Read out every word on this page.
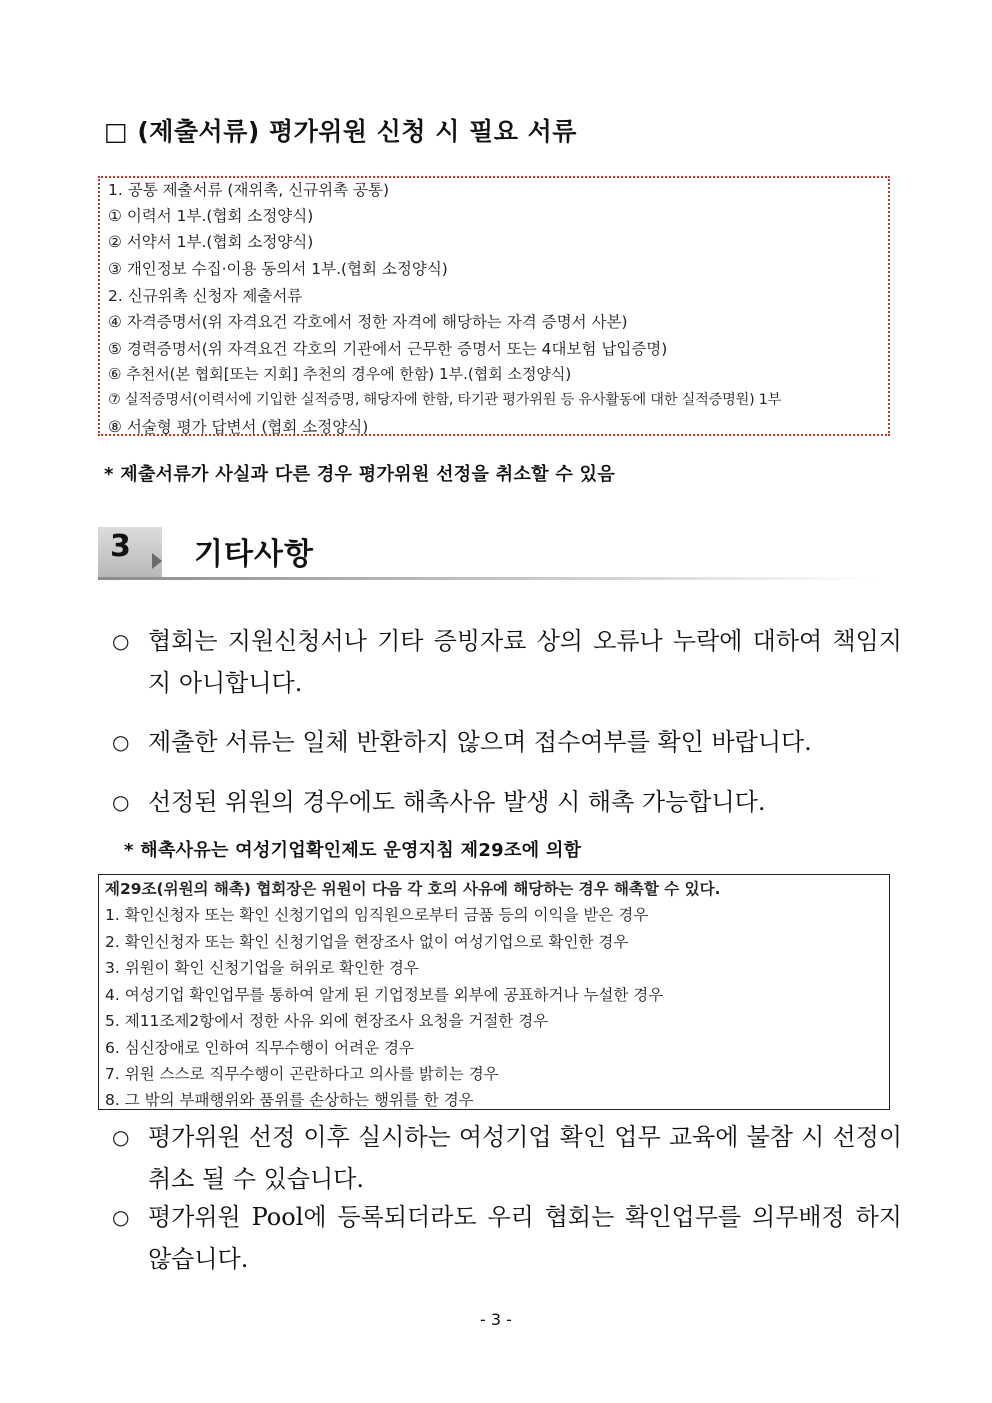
□ (제출서류) 평가위원 신청 시 필요 서류
1. 공통 제출서류 (재위촉, 신규위촉 공통)
① 이력서 1부.(협회 소정양식)
② 서약서 1부.(협회 소정양식)
③ 개인정보 수집·이용 동의서 1부.(협회 소정양식)
2. 신규위촉 신청자 제출서류
④ 자격증명서(위 자격요건 각호에서 정한 자격에 해당하는 자격 증명서 사본)
⑤ 경력증명서(위 자격요건 각호의 기관에서 근무한 증명서 또는 4대보험 납입증명)
⑥ 추천서(본 협회[또는 지회] 추천의 경우에 한함) 1부.(협회 소정양식)
⑦ 실적증명서(이력서에 기입한 실적증명, 해당자에 한함, 타기관 평가위원 등 유사활동에 대한 실적증명원) 1부
⑧ 서술형 평가 답변서 (협회 소정양식)
* 제출서류가 사실과 다른 경우 평가위원 선정을 취소할 수 있음
3 기타사항
○ 협회는 지원신청서나 기타 증빙자료 상의 오류나 누락에 대하여 책임지지 아니합니다.
○ 제출한 서류는 일체 반환하지 않으며 접수여부를 확인 바랍니다.
○ 선정된 위원의 경우에도 해촉사유 발생 시 해촉 가능합니다.
* 해촉사유는 여성기업확인제도 운영지침 제29조에 의함
제29조(위원의 해촉) 협회장은 위원이 다음 각 호의 사유에 해당하는 경우 해촉할 수 있다.
1. 확인신청자 또는 확인 신청기업의 임직원으로부터 금품 등의 이익을 받은 경우
2. 확인신청자 또는 확인 신청기업을 현장조사 없이 여성기업으로 확인한 경우
3. 위원이 확인 신청기업을 허위로 확인한 경우
4. 여성기업 확인업무를 통하여 알게 된 기업정보를 외부에 공표하거나 누설한 경우
5. 제11조제2항에서 정한 사유 외에 현장조사 요청을 거절한 경우
6. 심신장애로 인하여 직무수행이 어려운 경우
7. 위원 스스로 직무수행이 곤란하다고 의사를 밝히는 경우
8. 그 밖의 부패행위와 품위를 손상하는 행위를 한 경우
○ 평가위원 선정 이후 실시하는 여성기업 확인 업무 교육에 불참 시 선정이 취소 될 수 있습니다.
○ 평가위원 Pool에 등록되더라도 우리 협회는 확인업무를 의무배정 하지 않습니다.
- 3 -
